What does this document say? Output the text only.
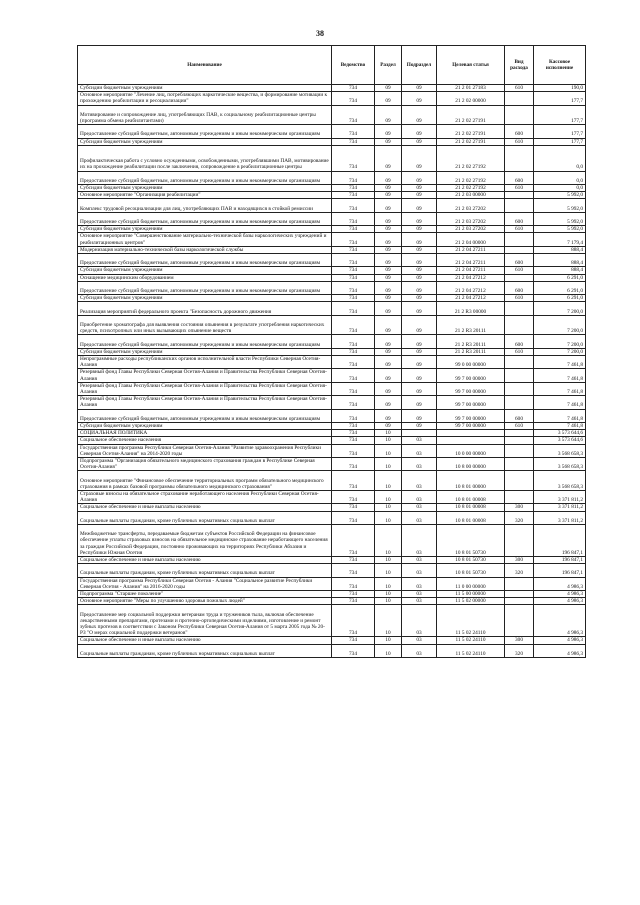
38
Наименование	Ведомство	Раздел	Подраздел	Целевая статья	Вид расхода	Кассовое исполнение
Субсидии бюджетным учреждениям	734	09	09	21 2 01 27183	610	190,0
Основное мероприятие "Лечение лиц, потребляющих наркотические вещества, и формирование мотивации к прохождению реабилитации и ресоциализации"	734	09	09	21 2 02 00000		177,7
Мотивирование и сопровождение лиц, употребляющих ПАВ, к социальному реабилитационные центры (программа обмена реабилитантами)	734	09	09	21 2 02 27191		177,7
Предоставление субсидий бюджетным, автономным учреждениям и иным некоммерческим организациям	734	09	09	21 2 02 27191	600	177,7
Субсидии бюджетным учреждениям	734	09	09	21 2 02 27191	610	177,7
Профилактическая работа с условно осужденными, освобожденными, употреблявшими ПАВ, мотивирование их на прохождение реабилитации после заключения, сопровождение в реабилитационные центры	734	09	09	21 2 02 27192		0,0
Предоставление субсидий бюджетным, автономным учреждениям и иным некоммерческим организациям	734	09	09	21 2 02 27192	600	0,0
Субсидии бюджетным учреждениям	734	09	09	21 2 02 27192	610	0,0
Основное мероприятие "Организация реабилитации"	734	09	09	21 2 03 00000		5 992,0
Комплекс трудовой ресоциализации для лиц, употребляющих ПАВ и находящихся в стойкой ремиссии	734	09	09	21 2 03 27202		5 992,0
Предоставление субсидий бюджетным, автономным учреждениям и иным некоммерческим организациям	734	09	09	21 2 03 27202	600	5 992,0
Субсидии бюджетным учреждениям	734	09	09	21 2 03 27202	610	5 992,0
Основное мероприятие "Совершенствование материально-технической базы наркологических учреждений и реабилитационных центров"	734	09	09	21 2 04 00000		7 179,4
Модернизация материально-технической базы наркологической службы	734	09	09	21 2 04 27211		888,4
Предоставление субсидий бюджетным, автономным учреждениям и иным некоммерческим организациям	734	09	09	21 2 04 27211	600	888,4
Субсидии бюджетным учреждениям	734	09	09	21 2 04 27211	610	888,4
Оснащение медицинским оборудованием	734	09	09	21 2 04 27212		6 291,0
Предоставление субсидий бюджетным, автономным учреждениям и иным некоммерческим организациям	734	09	09	21 2 04 27212	600	6 291,0
Субсидии бюджетным учреждениям	734	09	09	21 2 04 27212	610	6 291,0
Реализация мероприятий федерального проекта "Безопасность дорожного движения	734	09	09	21 2 R3 00000		7 200,0
Приобретение хроматографа для выявления состояния опьянения в результате употребления наркотических средств, психотропных или иных вызывающих опьянение веществ	734	09	09	21 2 R3 20111		7 200,0
Предоставление субсидий бюджетным, автономным учреждениям и иным некоммерческим организациям	734	09	09	21 2 R3 20111	600	7 200,0
Субсидии бюджетным учреждениям	734	09	09	21 2 R3 20111	610	7 200,0
Непрограммные расходы республиканских органов исполнительной власти Республики Северная Осетия-Алания	734	09	09	99 0 00 00000		7 461,8
Резервный фонд Главы Республики Северная Осетия-Алания и Правительства Республики Северная Осетия-Алания	734	09	09	99 7 00 00000		7 461,8
Резервный фонд Главы Республики Северная Осетия-Алания и Правительства Республики Северная Осетия-Алания	734	09	09	99 7 00 00000		7 461,8
Резервный фонд Главы Республики Северная Осетия-Алания и Правительства Республики Северная Осетия-Алания	734	09	09	99 7 00 00000		7 461,8
Предоставление субсидий бюджетным, автономным учреждениям и иным некоммерческим организациям	734	09	09	99 7 00 00000	600	7 461,8
Субсидии бюджетным учреждениям	734	09	09	99 7 00 00000	610	7 461,8
СОЦИАЛЬНАЯ ПОЛИТИКА	734	10				3 573 644,6
Социальное обеспечение населения	734	10	03			3 573 644,6
Государственная программа Республики Северная Осетия-Алания "Развитие здравоохранения Республики Северная Осетия-Алания" на 2014-2020 годы	734	10	03	10 0 00 00000		3 568 658,3
Подпрограмма "Организация обязательного медицинского страхования граждан в Республике Северная Осетия-Алания"	734	10	03	10 8 00 00000		3 568 658,3
Основное мероприятие "Финансовое обеспечение территориальных программ обязательного медицинского страхования в рамках базовой программы обязательного медицинского страхования"	734	10	03	10 8 01 00000		3 568 658,3
Страховые взносы на обязательное страхование неработающего населения Республики Северная Осетия-Алания	734	10	03	10 8 01 00008		3 371 811,2
Социальное обеспечение и иные выплаты населению	734	10	03	10 8 01 00008	300	3 371 811,2
Социальные выплаты гражданам, кроме публичных нормативных социальных выплат	734	10	03	10 8 01 00008	320	3 371 811,2
Межбюджетные трансферты, передаваемые бюджетам субъектов Российской Федерации на финансовое обеспечение уплаты страховых взносов на обязательное медицинское страхование неработающего населения за граждан Российской Федерации, постоянно проживающих на территориях Республики Абхазия и Республики Южная Осетия	734	10	03	10 8 01 50730		196 847,1
Социальное обеспечение и иные выплаты населению	734	10	03	10 8 01 50730	300	196 847,1
Социальные выплаты гражданам, кроме публичных нормативных социальных выплат	734	10	03	10 8 01 50730	320	196 847,1
Государственная программа Республики Северная Осетия - Алания "Социальное развитие Республики Северная Осетия - Алания" на 2016-2020 годы	734	10	03	11 0 00 00000		4 986,3
Подпрограмма "Старшее поколение"	734	10	03	11 5 00 00000		4 986,3
Основное мероприятие "Меры по улучшению здоровья пожилых людей"	734	10	03	11 5 02 00000		4 986,3
Предоставление мер социальной поддержки ветеранам труда и тружеников тыла, включая обеспечение лекарственными препаратами, протезами и протезно-ортопедическими изделиями, изготовление и ремонт зубных протезов в соответствии с Законом Республики Северная Осетия-Алания от 5 марта 2005 года № 20-РЗ "О мерах социальной поддержки ветеранов"	734	10	03	11 5 02 24110		4 986,3
Социальное обеспечение и иные выплаты населению	734	10	03	11 5 02 24110	300	4 986,3
Социальные выплаты гражданам, кроме публичных нормативных социальных выплат	734	10	03	11 5 02 24110	320	4 986,3
